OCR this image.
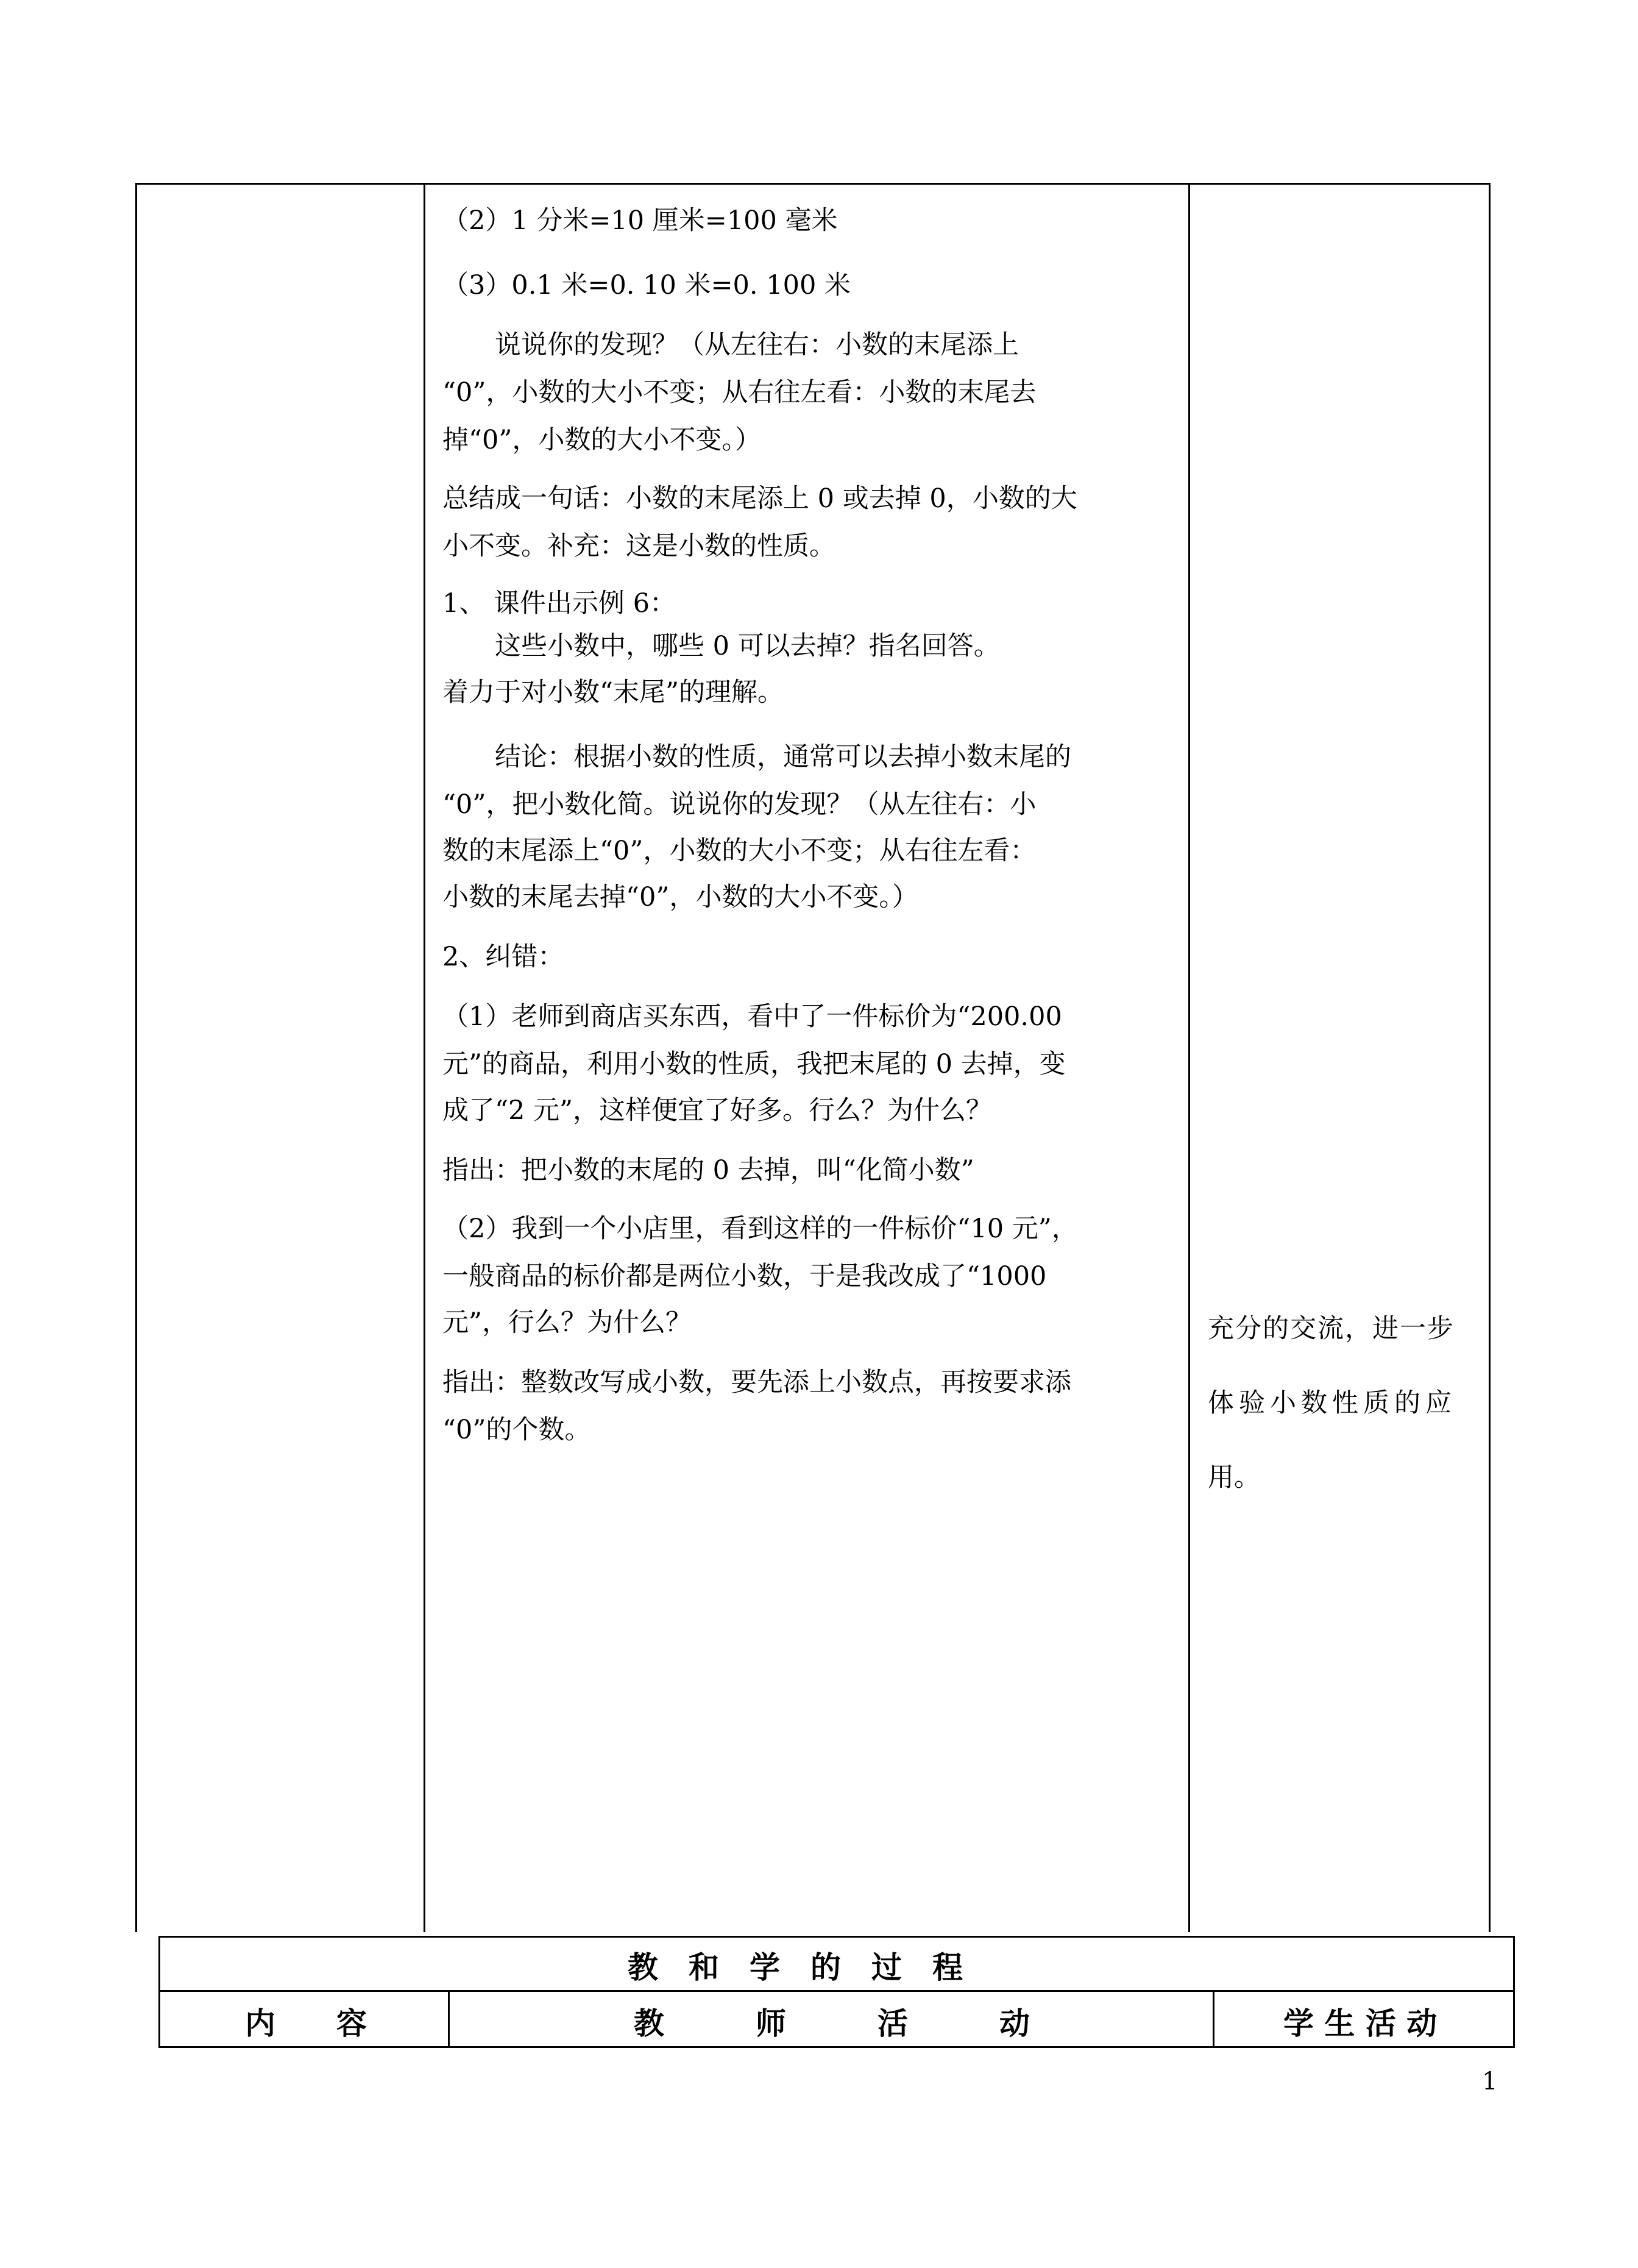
（2）1 分米=10 厘米=100 毫米
（3）0.1 米=0. 10 米=0. 100 米
　　说说你的发现？（从左往右：小数的末尾添上
“0”，小数的大小不变；从右往左看：小数的末尾去
掉“0”，小数的大小不变。）
总结成一句话：小数的末尾添上 0 或去掉 0，小数的大
小不变。补充：这是小数的性质。
1、 课件出示例 6：
　　这些小数中，哪些 0 可以去掉？指名回答。
着力于对小数“末尾”的理解。
　　结论：根据小数的性质，通常可以去掉小数末尾的
“0”，把小数化简。说说你的发现？（从左往右：小
数的末尾添上“0”，小数的大小不变；从右往左看：
小数的末尾去掉“0”，小数的大小不变。）
2、纠错：
（1）老师到商店买东西，看中了一件标价为“200.00
元”的商品，利用小数的性质，我把末尾的 0 去掉，变
成了“2 元”，这样便宜了好多。行么？为什么？
指出：把小数的末尾的 0 去掉，叫“化简小数”
（2）我到一个小店里，看到这样的一件标价“10 元”，
一般商品的标价都是两位小数，于是我改成了“1000
元”，行么？为什么？
指出：整数改写成小数，要先添上小数点，再按要求添
“0”的个数。
充分的交流，进一步
体验小数性质的应
用。
教　和　学　的　过　程
内　　容	教　　　师　　　活　　　动	学 生 活 动
1
